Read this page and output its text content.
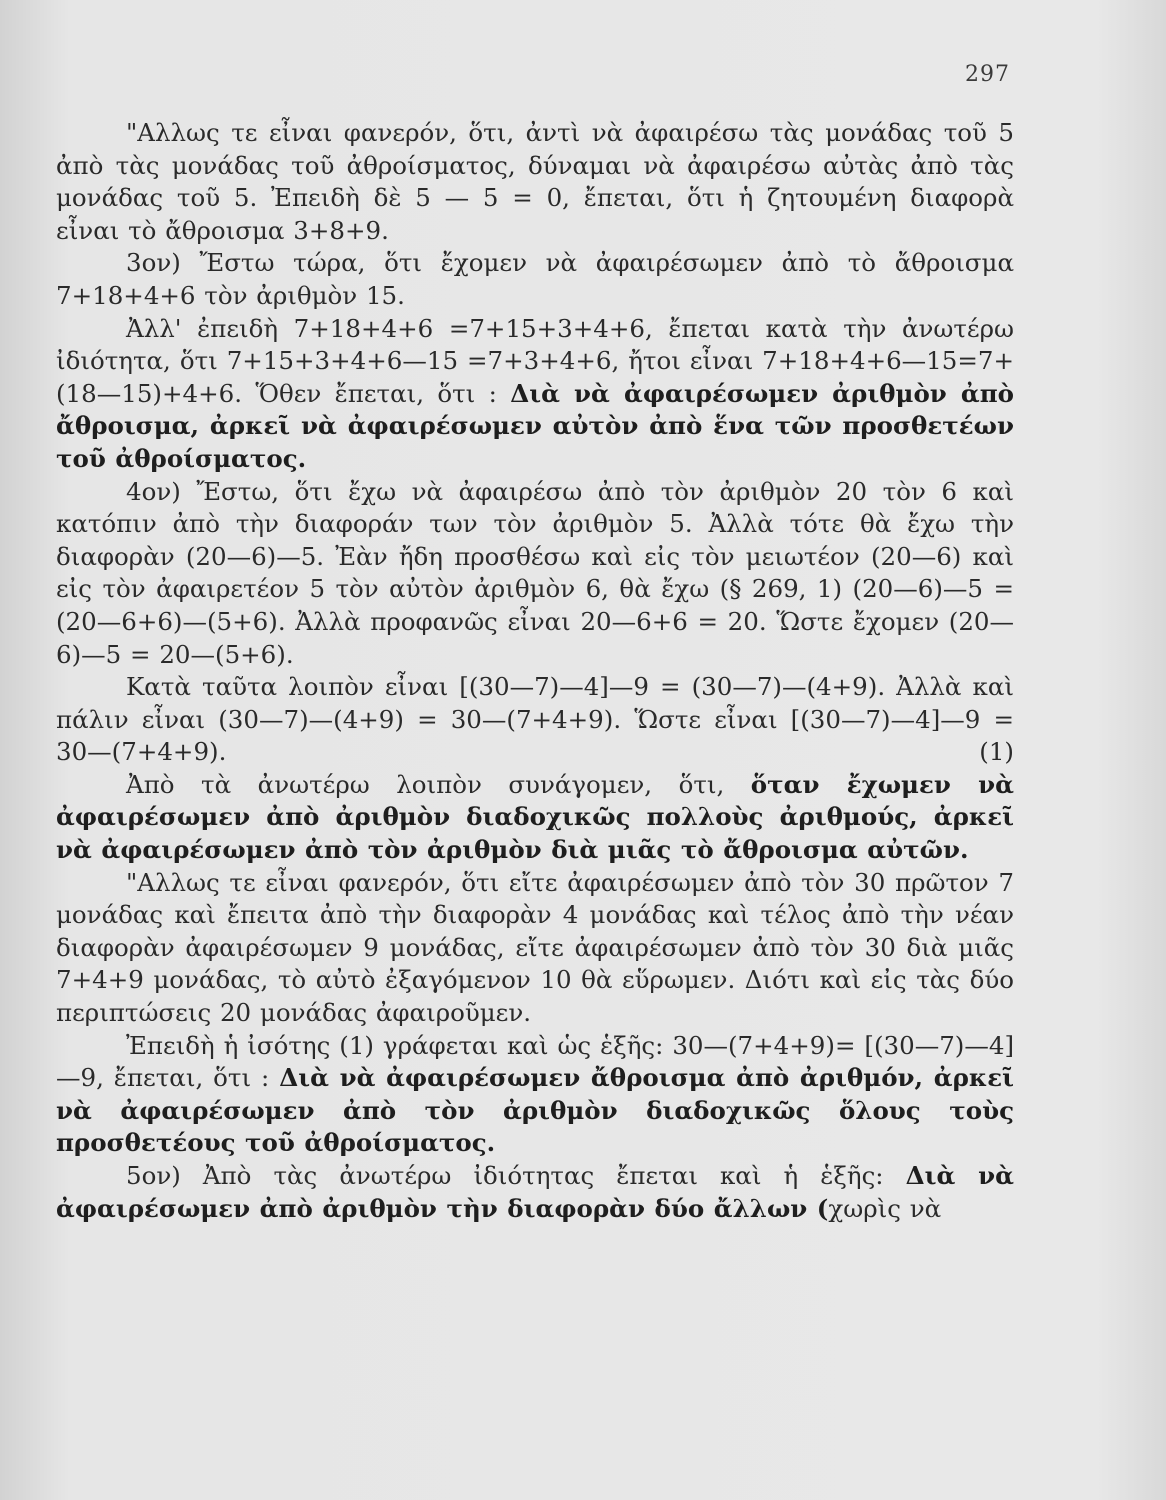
297

"Αλλως τε εἶναι φανερόν, ὅτι, ἀντὶ νὰ ἀφαιρέσω τὰς μονάδας τοῦ 5 ἀπὸ τὰς μονάδας τοῦ ἀθροίσματος, δύναμαι νὰ ἀφαιρέσω αὐτὰς ἀπὸ τὰς μονάδας τοῦ 5. Ἐπειδὴ δὲ 5 — 5 = 0, ἔπεται, ὅτι ἡ ζητουμένη διαφορὰ εἶναι τὸ ἄθροισμα 3+8+9.

3ον) Ἔστω τώρα, ὅτι ἔχομεν νὰ ἀφαιρέσωμεν ἀπὸ τὸ ἄθροισμα 7+18+4+6 τὸν ἀριθμὸν 15.

Ἀλλ' ἐπειδὴ 7+18+4+6 =7+15+3+4+6, ἔπεται κατὰ τὴν ἀνωτέρω ἰδιότητα, ὅτι 7+15+3+4+6—15 =7+3+4+6, ἤτοι εἶναι 7+18+4+6—15=7+(18—15)+4+6. Ὅθεν ἔπεται, ὅτι : Διὰ νὰ ἀφαιρέσωμεν ἀριθμὸν ἀπὸ ἄθροισμα, ἀρκεῖ νὰ ἀφαιρέσωμεν αὐτὸν ἀπὸ ἕνα τῶν προσθετέων τοῦ ἀθροίσματος.

4ον) Ἔστω, ὅτι ἔχω νὰ ἀφαιρέσω ἀπὸ τὸν ἀριθμὸν 20 τὸν 6 καὶ κατόπιν ἀπὸ τὴν διαφοράν των τὸν ἀριθμὸν 5. Ἀλλὰ τότε θὰ ἔχω τὴν διαφορὰν (20—6)—5. Ἐὰν ἤδη προσθέσω καὶ εἰς τὸν μειωτέον (20—6) καὶ εἰς τὸν ἀφαιρετέον 5 τὸν αὐτὸν ἀριθμὸν 6, θὰ ἔχω (§ 269, 1) (20—6)—5 = (20—6+6)—(5+6). Ἀλλὰ προφανῶς εἶναι 20—6+6 = 20. Ὥστε ἔχομεν (20—6)—5 = 20—(5+6).

Κατὰ ταῦτα λοιπὸν εἶναι [(30—7)—4]—9 = (30—7)—(4+9). Ἀλλὰ καὶ πάλιν εἶναι (30—7)—(4+9) = 30—(7+4+9). Ὥστε εἶναι [(30—7)—4]—9 = 30—(7+4+9).	(1)

Ἀπὸ τὰ ἀνωτέρω λοιπὸν συνάγομεν, ὅτι, ὅταν ἔχωμεν νὰ ἀφαιρέσωμεν ἀπὸ ἀριθμὸν διαδοχικῶς πολλοὺς ἀριθμούς, ἀρκεῖ νὰ ἀφαιρέσωμεν ἀπὸ τὸν ἀριθμὸν διὰ μιᾶς τὸ ἄθροισμα αὐτῶν.

"Αλλως τε εἶναι φανερόν, ὅτι εἴτε ἀφαιρέσωμεν ἀπὸ τὸν 30 πρῶτον 7 μονάδας καὶ ἔπειτα ἀπὸ τὴν διαφορὰν 4 μονάδας καὶ τέλος ἀπὸ τὴν νέαν διαφορὰν ἀφαιρέσωμεν 9 μονάδας, εἴτε ἀφαιρέσωμεν ἀπὸ τὸν 30 διὰ μιᾶς 7+4+9 μονάδας, τὸ αὐτὸ ἐξαγόμενον 10 θὰ εὕρωμεν. Διότι καὶ εἰς τὰς δύο περιπτώσεις 20 μονάδας ἀφαιροῦμεν.

Ἐπειδὴ ἡ ἰσότης (1) γράφεται καὶ ὡς ἑξῆς: 30—(7+4+9)= [(30—7)—4]—9, ἔπεται, ὅτι : Διὰ νὰ ἀφαιρέσωμεν ἄθροισμα ἀπὸ ἀριθμόν, ἀρκεῖ νὰ ἀφαιρέσωμεν ἀπὸ τὸν ἀριθμὸν διαδοχικῶς ὅλους τοὺς προσθετέους τοῦ ἀθροίσματος.

5ον) Ἀπὸ τὰς ἀνωτέρω ἰδιότητας ἔπεται καὶ ἡ ἑξῆς: Διὰ νὰ ἀφαιρέσωμεν ἀπὸ ἀριθμὸν τὴν διαφορὰν δύο ἄλλων (χωρὶς νὰ
